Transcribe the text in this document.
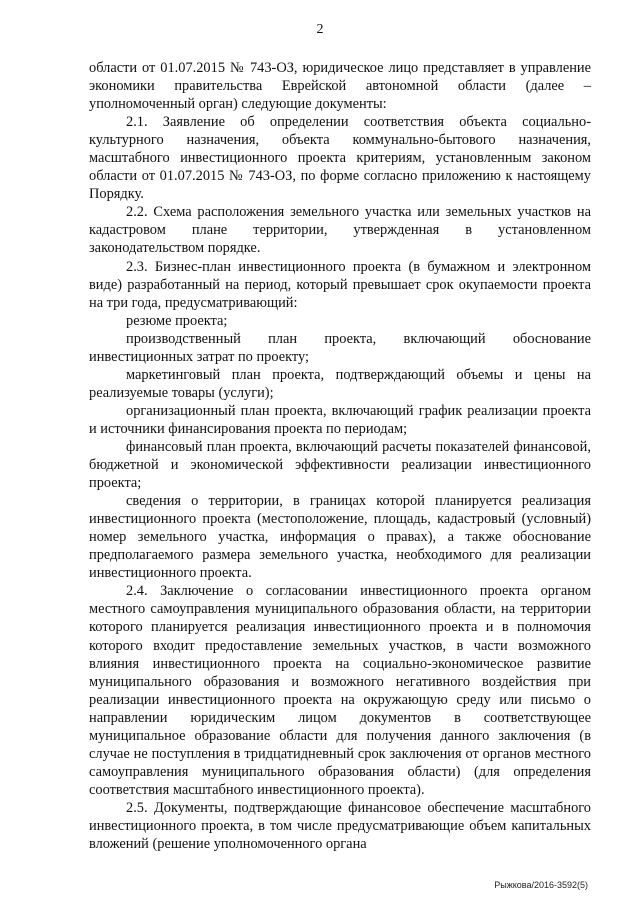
2

области от 01.07.2015 № 743-ОЗ, юридическое лицо представляет в управление экономики правительства Еврейской автономной области (далее – уполномоченный орган) следующие документы:

2.1. Заявление об определении соответствия объекта социально-культурного назначения, объекта коммунально-бытового назначения, масштабного инвестиционного проекта критериям, установленным законом области от 01.07.2015 № 743-ОЗ, по форме согласно приложению к настоящему Порядку.

2.2. Схема расположения земельного участка или земельных участков на кадастровом плане территории, утвержденная в установленном законодательством порядке.

2.3. Бизнес-план инвестиционного проекта (в бумажном и электронном виде) разработанный на период, который превышает срок окупаемости проекта на три года, предусматривающий:

резюме проекта;

производственный план проекта, включающий обоснование инвестиционных затрат по проекту;

маркетинговый план проекта, подтверждающий объемы и цены на реализуемые товары (услуги);

организационный план проекта, включающий график реализации проекта и источники финансирования проекта по периодам;

финансовый план проекта, включающий расчеты показателей финансовой, бюджетной и экономической эффективности реализации инвестиционного проекта;

сведения о территории, в границах которой планируется реализация инвестиционного проекта (местоположение, площадь, кадастровый (условный) номер земельного участка, информация о правах), а также обоснование предполагаемого размера земельного участка, необходимого для реализации инвестиционного проекта.

2.4. Заключение о согласовании инвестиционного проекта органом местного самоуправления муниципального образования области, на территории которого планируется реализация инвестиционного проекта и в полномочия которого входит предоставление земельных участков, в части возможного влияния инвестиционного проекта на социально-экономическое развитие муниципального образования и возможного негативного воздействия при реализации инвестиционного проекта на окружающую среду или письмо о направлении юридическим лицом документов в соответствующее муниципальное образование области для получения данного заключения (в случае не поступления в тридцатидневный срок заключения от органов местного самоуправления муниципального образования области) (для определения соответствия масштабного инвестиционного проекта).

2.5. Документы, подтверждающие финансовое обеспечение масштабного инвестиционного проекта, в том числе предусматривающие объем капитальных вложений (решение уполномоченного органа

Рыжкова/2016-3592(5)
